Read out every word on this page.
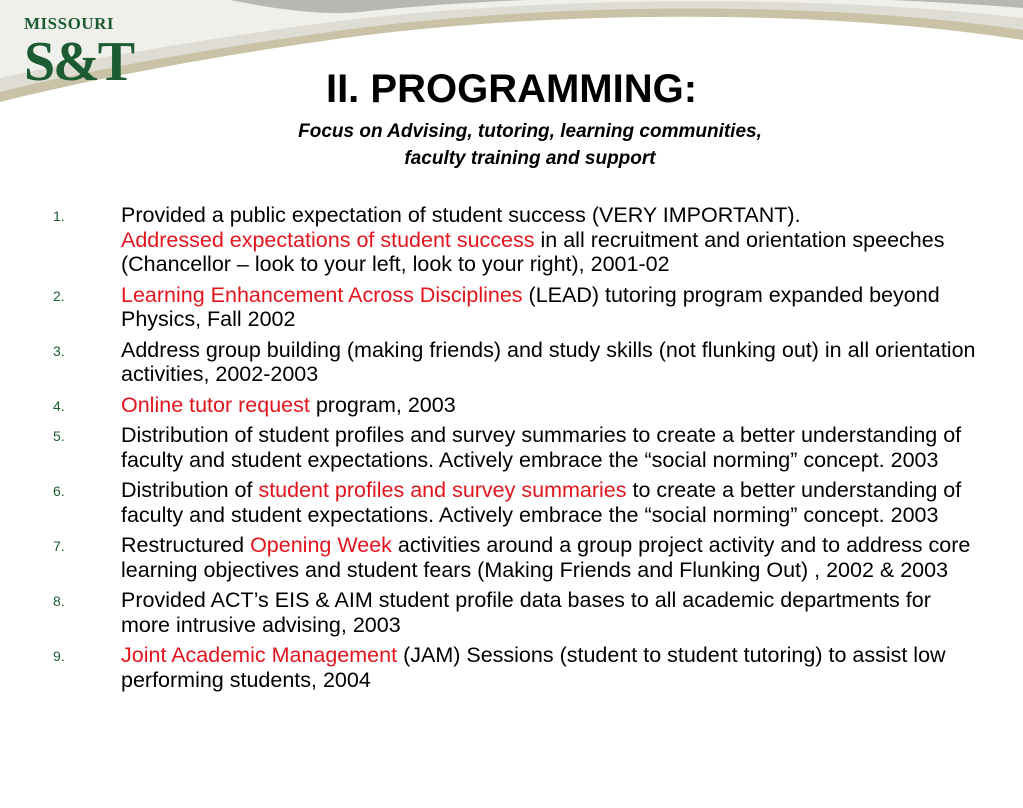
MISSOURI
S&T	II. PROGRAMMING:
Focus on Advising, tutoring, learning communities,
faculty training and support
1.	Provided a public expectation of student success (VERY IMPORTANT).
Addressed expectations of student success in all recruitment and orientation speeches (Chancellor – look to your left, look to your right), 2001-02
2.	Learning Enhancement Across Disciplines (LEAD) tutoring program expanded beyond Physics, Fall 2002
3.	Address group building (making friends) and study skills (not flunking out) in all orientation activities, 2002-2003
4.	Online tutor request program, 2003
5.	Distribution of student profiles and survey summaries to create a better understanding of faculty and student expectations. Actively embrace the “social norming” concept. 2003
6.	Distribution of student profiles and survey summaries to create a better understanding of faculty and student expectations. Actively embrace the “social norming” concept. 2003
7.	Restructured Opening Week activities around a group project activity and to address core learning objectives and student fears (Making Friends and Flunking Out) , 2002 & 2003
8.	Provided ACT’s EIS & AIM student profile data bases to all academic departments for more intrusive advising, 2003
9.	Joint Academic Management (JAM) Sessions (student to student tutoring) to assist low performing students, 2004
